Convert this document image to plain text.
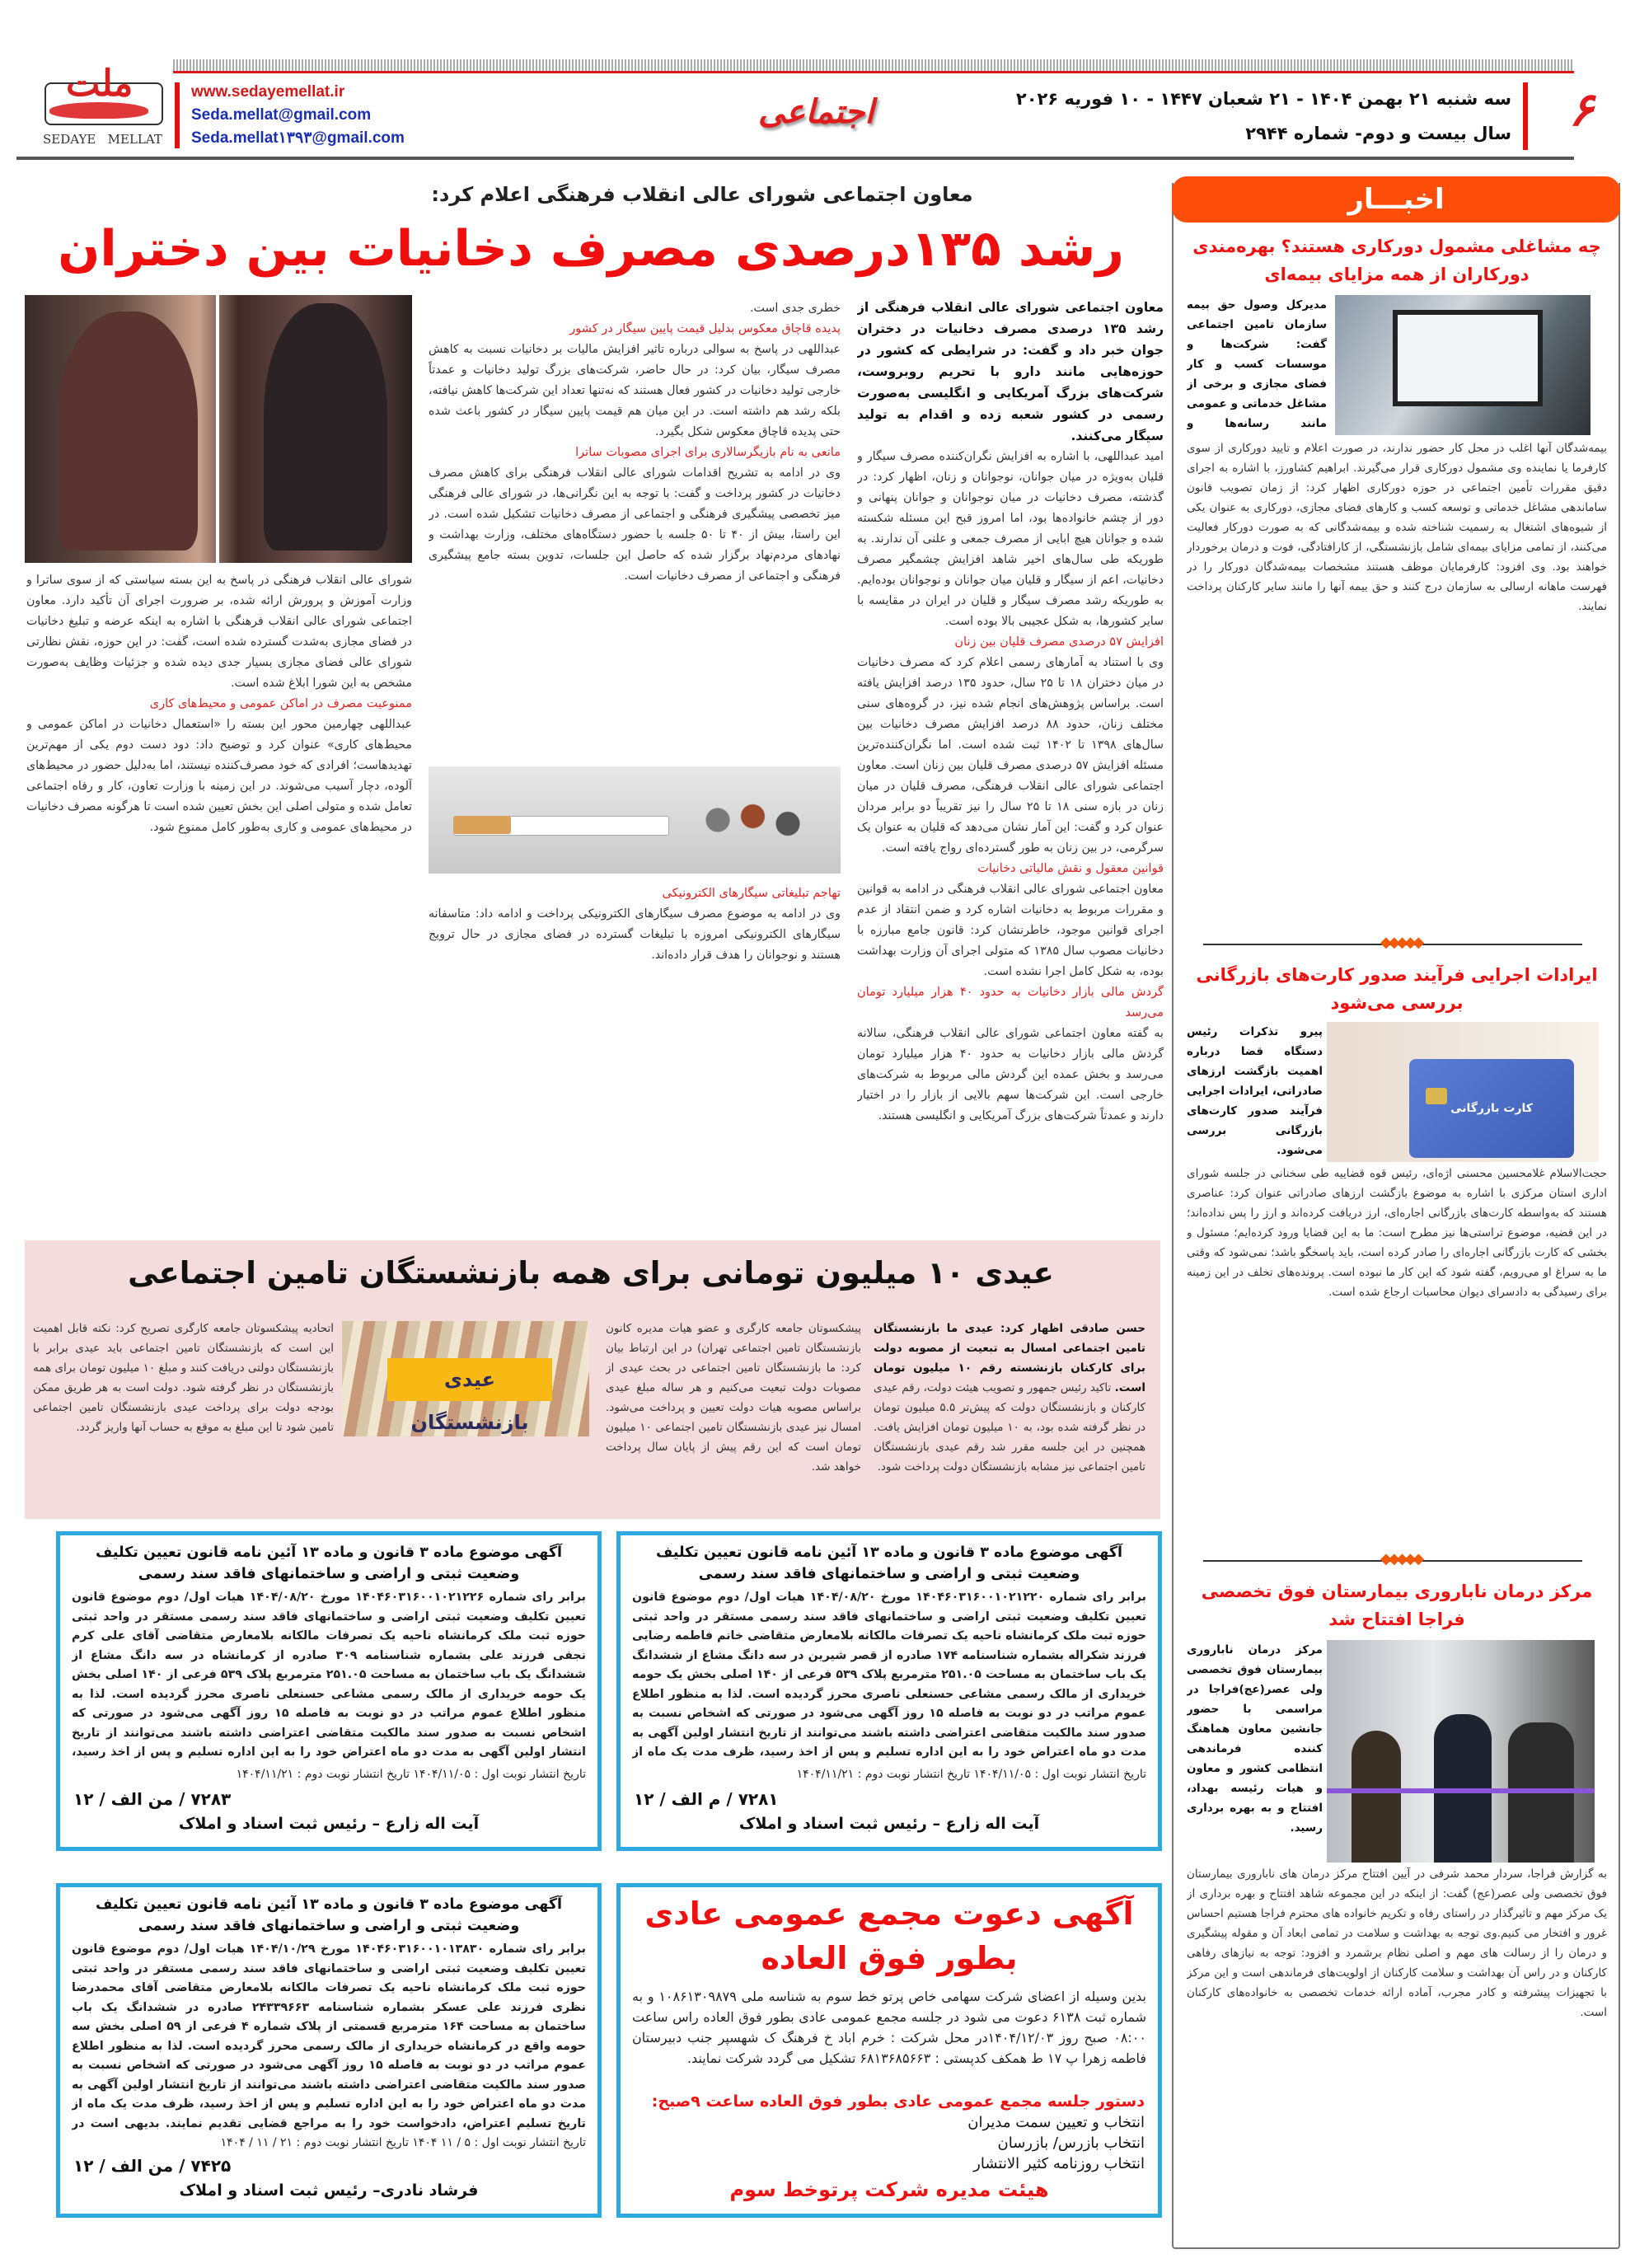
۶
سه شنبه ۲۱ بهمن ۱۴۰۴ - ۲۱ شعبان ۱۴۴۷ - ۱۰ فوریه ۲۰۲۶
سال بیست و دوم- شماره ۲۹۴۴
اجتماعی
www.sedayemellat.ir
Seda.mellat@gmail.com
Seda.mellat۱۳۹۳@gmail.com
ملت
SEDAYE   MELLAT
معاون اجتماعی شورای عالی انقلاب فرهنگی اعلام کرد:
رشد ۱۳۵درصدی مصرف دخانیات بین دختران

معاون اجتماعی شورای عالی انقلاب فرهنگی از رشد ۱۳۵ درصدی مصرف دخانیات در دختران جوان خبر داد و گفت: در شرایطی که کشور در حوزه‌هایی مانند دارو با تحریم روبروست، شرکت‌های بزرگ آمریکایی و انگلیسی به‌صورت رسمی در کشور شعبه زده و اقدام به تولید سیگار می‌کنند.

امید عبداللهی، با اشاره به افزایش نگران‌کننده مصرف سیگار و قلیان به‌ویژه در میان جوانان، نوجوانان و زنان، اظهار کرد: در گذشته، مصرف دخانیات در میان نوجوانان و جوانان پنهانی و دور از چشم خانواده‌ها بود، اما امروز قبح این مسئله شکسته شده و جوانان هیچ ابایی از مصرف جمعی و علنی آن ندارند. به طوریکه طی سال‌های اخیر شاهد افزایش چشمگیر مصرف دخانیات، اعم از سیگار و قلیان میان جوانان و نوجوانان بوده‌ایم. به طوریکه رشد مصرف سیگار و قلیان در ایران در مقایسه با سایر کشورها، به شکل عجیبی بالا بوده است.

افزایش ۵۷ درصدی مصرف قلیان بین زنان

وی با استناد به آمارهای رسمی اعلام کرد که مصرف دخانیات در میان دختران ۱۸ تا ۲۵ سال، حدود ۱۳۵ درصد افزایش یافته است. براساس پژوهش‌های انجام شده نیز، در گروه‌های سنی مختلف زنان، حدود ۸۸ درصد افزایش مصرف دخانیات بین سال‌های ۱۳۹۸ تا ۱۴۰۲ ثبت شده است. اما نگران‌کننده‌ترین مسئله افزایش ۵۷ درصدی مصرف قلیان بین زنان است. معاون اجتماعی شورای عالی انقلاب فرهنگی، مصرف قلیان در میان زنان در بازه سنی ۱۸ تا ۲۵ سال را نیز تقریباً دو برابر مردان عنوان کرد و گفت: این آمار نشان می‌دهد که قلیان به عنوان یک سرگرمی، در بین زنان به طور گسترده‌ای رواج یافته است.

قوانین معقول و نقش مالیاتی دخانیات

معاون اجتماعی شورای عالی انقلاب فرهنگی در ادامه به قوانین و مقررات مربوط به دخانیات اشاره کرد و ضمن انتقاد از عدم اجرای قوانین موجود، خاطرنشان کرد: قانون جامع مبارزه با دخانیات مصوب سال ۱۳۸۵ که متولی اجرای آن وزارت بهداشت بوده، به شکل کامل اجرا نشده است.

گردش مالی بازار دخانیات به حدود ۴۰ هزار میلیارد تومان می‌رسد

به گفته معاون اجتماعی شورای عالی انقلاب فرهنگی، سالانه گردش مالی بازار دخانیات به حدود ۴۰ هزار میلیارد تومان می‌رسد و بخش عمده این گردش مالی مربوط به شرکت‌های خارجی است. این شرکت‌ها سهم بالایی از بازار را در اختیار دارند و عمدتاً شرکت‌های بزرگ آمریکایی و انگلیسی هستند.

خطری جدی است.

پدیده قاچاق معکوس بدلیل قیمت پایین سیگار در کشور

عبداللهی در پاسخ به سوالی درباره تاثیر افزایش مالیات بر دخانیات نسبت به کاهش مصرف سیگار، بیان کرد: در حال حاضر، شرکت‌های بزرگ تولید دخانیات و عمدتاً خارجی تولید دخانیات در کشور فعال هستند که نه‌تنها تعداد این شرکت‌ها کاهش نیافته، بلکه رشد هم داشته است. در این میان هم قیمت پایین سیگار در کشور باعث شده حتی پدیده قاچاق معکوس شکل بگیرد.

مانعی به نام بازیگرسالاری برای اجرای مصوبات ساترا

وی در ادامه به تشریح اقدامات شورای عالی انقلاب فرهنگی برای کاهش مصرف دخانیات در کشور پرداخت و گفت: با توجه به این نگرانی‌ها، در شورای عالی فرهنگی میز تخصصی پیشگیری فرهنگی و اجتماعی از مصرف دخانیات تشکیل شده است. در این راستا، بیش از ۴۰ تا ۵۰ جلسه با حضور دستگاه‌های مختلف، وزارت بهداشت و نهادهای مردم‌نهاد برگزار شده که حاصل این جلسات، تدوین بسته جامع پیشگیری فرهنگی و اجتماعی از مصرف دخانیات است.

تهاجم تبلیغاتی سیگارهای الکترونیکی

وی در ادامه به موضوع مصرف سیگارهای الکترونیکی پرداخت و ادامه داد: متاسفانه سیگارهای الکترونیکی امروزه با تبلیغات گسترده در فضای مجازی در حال ترویج هستند و نوجوانان را هدف قرار داده‌اند.

شورای عالی انقلاب فرهنگی در پاسخ به این بسته سیاستی که از سوی ساترا و وزارت آموزش و پرورش ارائه شده، بر ضرورت اجرای آن تأکید دارد. معاون اجتماعی شورای عالی انقلاب فرهنگی با اشاره به اینکه عرضه و تبلیغ دخانیات در فضای مجازی به‌شدت گسترده شده است، گفت: در این حوزه، نقش نظارتی شورای عالی فضای مجازی بسیار جدی دیده شده و جزئیات وظایف به‌صورت مشخص به این شورا ابلاغ شده است.

ممنوعیت مصرف در اماکن عمومی و محیط‌های کاری

عبداللهی چهارمین محور این بسته را «استعمال دخانیات در اماکن عمومی و محیط‌های کاری» عنوان کرد و توضیح داد: دود دست دوم یکی از مهم‌ترین تهدیدهاست؛ افرادی که خود مصرف‌کننده نیستند، اما به‌دلیل حضور در محیط‌های آلوده، دچار آسیب می‌شوند. در این زمینه با وزارت تعاون، کار و رفاه اجتماعی تعامل شده و متولی اصلی این بخش تعیین شده است تا هرگونه مصرف دخانیات در محیط‌های عمومی و کاری به‌طور کامل ممنوع شود.

اخبـــار
چه مشاغلی مشمول دورکاری هستند؟ بهره‌مندی دورکاران از همه مزایای بیمه‌ای
مدیرکل وصول حق بیمه سازمان تامین اجتماعی گفت: شرکت‌ها و موسسات کسب و کار فضای مجازی و برخی از مشاغل خدماتی و عمومی مانند رسانه‌ها و
بیمه‌شدگان آنها اغلب در محل کار حضور ندارند، در صورت اعلام و تایید دورکاری از سوی کارفرما یا نماینده وی مشمول دورکاری قرار می‌گیرند. ابراهیم کشاورز، با اشاره به اجرای دقیق مقررات تأمین اجتماعی در حوزه دورکاری اظهار کرد: از زمان تصویب قانون ساماندهی مشاغل خدماتی و توسعه کسب و کارهای فضای مجازی، دورکاری به عنوان یکی از شیوه‌های اشتغال به رسمیت شناخته شده و بیمه‌شدگانی که به صورت دورکار فعالیت می‌کنند، از تمامی مزایای بیمه‌ای شامل بازنشستگی، از کارافتادگی، فوت و درمان برخوردار خواهند بود. وی افزود: کارفرمایان موظف هستند مشخصات بیمه‌شدگان دورکار را در فهرست ماهانه ارسالی به سازمان درج کنند و حق بیمه آنها را مانند سایر کارکنان پرداخت نمایند.
◆◆◆◆◆
ایرادات اجرایی فرآیند صدور کارت‌های بازرگانی بررسی می‌شود
کارت بازرگانی
پیرو تذکرات رئیس دستگاه قضا درباره اهمیت بازگشت ارزهای صادراتی، ایرادات اجرایی فرآیند صدور کارت‌های بازرگانی بررسی می‌شود.
حجت‌الاسلام غلامحسین محسنی اژه‌ای، رئیس قوه قضاییه طی سخنانی در جلسه شورای اداری استان مرکزی با اشاره به موضوع بازگشت ارزهای صادراتی عنوان کرد: عناصری هستند که به‌واسطه کارت‌های بازرگانی اجاره‌ای، ارز دریافت کرده‌اند و ارز را پس نداده‌اند؛ در این قضیه، موضوع تراستی‌ها نیز مطرح است: ما به این قضایا ورود کرده‌ایم؛ مسئول و بخشی که کارت بازرگانی اجاره‌ای را صادر کرده است، باید پاسخگو باشد؛ نمی‌شود که وقتی ما به سراغ او می‌رویم، گفته شود که این کار ما نبوده است. پرونده‌های تخلف در این زمینه برای رسیدگی به دادسرای دیوان محاسبات ارجاع شده است.
◆◆◆◆◆
مرکز درمان ناباروری بیمارستان فوق تخصصی فراجا افتتاح شد
مرکز درمان ناباروری بیمارستان فوق تخصصی ولی عصر(عج)فراجا در مراسمی با حضور جانشین معاون هماهنگ کننده فرماندهی انتظامی کشور و معاون و هیات رئیسه بهداد، افتتاح و به بهره برداری رسید.
به گزارش فراجا، سردار محمد شرفی در آیین افتتاح مرکز درمان های ناباروری بیمارستان فوق تخصصی ولی عصر(عج) گفت: از اینکه در این مجموعه شاهد افتتاح و بهره برداری از یک مرکز مهم و تاثیرگذار در راستای رفاه و تکریم خانواده های محترم فراجا هستیم احساس غرور و افتخار می کنیم.وی توجه به بهداشت و سلامت در تمامی ابعاد آن و مقوله پیشگیری و درمان را از رسالت های مهم و اصلی نظام برشمرد و افزود: توجه به نیازهای رفاهی کارکنان و در راس آن بهداشت و سلامت کارکنان از اولویت‌های فرماندهی است و این مرکز با تجهیزات پیشرفته و کادر مجرب، آماده ارائه خدمات تخصصی به خانواده‌های کارکنان است.
عیدی ۱۰ میلیون تومانی برای همه بازنشستگان تامین اجتماعی
حسن صادقی اظهار کرد: عیدی ما بازنشستگان تامین اجتماعی امسال به تبعیت از مصوبه دولت برای کارکنان بازنشسته رقم ۱۰ میلیون تومان است. تاکید رئیس جمهور و تصویب هیئت دولت، رقم عیدی کارکنان و بازنشستگان دولت که پیش‌تر ۵.۵ میلیون تومان در نظر گرفته شده بود، به ۱۰ میلیون تومان افزایش یافت. همچنین در این جلسه مقرر شد رقم عیدی بازنشستگان تامین اجتماعی نیز مشابه بازنشستگان دولت پرداخت شود.
پیشکسوتان جامعه کارگری و عضو هیات مدیره کانون بازنشستگان تامین اجتماعی تهران) در این ارتباط بیان کرد: ما بازنشستگان تامین اجتماعی در بحث عیدی از مصوبات دولت تبعیت می‌کنیم و هر ساله مبلغ عیدی براساس مصوبه هیات دولت تعیین و پرداخت می‌شود. امسال نیز عیدی بازنشستگان تامین اجتماعی ۱۰ میلیون تومان است که این رقم پیش از پایان سال پرداخت خواهد شد.
عیدی بازنشستگان
اتحادیه پیشکسوتان جامعه کارگری تصریح کرد: نکته قابل اهمیت این است که بازنشستگان تامین اجتماعی باید عیدی برابر با بازنشستگان دولتی دریافت کنند و مبلغ ۱۰ میلیون تومان برای همه بازنشستگان در نظر گرفته شود. دولت است به هر طریق ممکن بودجه دولت برای پرداخت عیدی بازنشستگان تامین اجتماعی تامین شود تا این مبلغ به موقع به حساب آنها واریز گردد.
آگهی موضوع ماده ۳ قانون و ماده ۱۳ آئین نامه قانون تعیین تکلیف وضعیت ثبتی و اراضی و ساختمانهای فاقد سند رسمی
برابر رای شماره ۱۴۰۴۶۰۳۱۶۰۰۱۰۲۱۲۲۰ مورخ ۱۴۰۴/۰۸/۲۰ هیات اول/ دوم موضوع قانون تعیین تکلیف وضعیت ثبتی اراضی و ساختمانهای فاقد سند رسمی مستقر در واحد ثبتی حوزه ثبت ملک کرمانشاه ناحیه یک تصرفات مالکانه بلامعارض متقاضی خانم فاطمه رضایی فرزند شکراله بشماره شناسنامه ۱۷۴ صادره از قصر شیرین در سه دانگ مشاع از ششدانگ یک باب ساختمان به مساحت ۲۵۱.۰۵ مترمربع پلاک ۵۳۹ فرعی از ۱۴۰ اصلی بخش یک حومه خریداری از مالک رسمی مشاعی حسنعلی ناصری محرز گردیده است. لذا به منظور اطلاع عموم مراتب در دو نوبت به فاصله ۱۵ روز آگهی می‌شود در صورتی که اشخاص نسبت به صدور سند مالکیت متقاضی اعتراضی داشته باشند می‌توانند از تاریخ انتشار اولین آگهی به مدت دو ماه اعتراض خود را به این اداره تسلیم و پس از اخذ رسید، ظرف مدت یک ماه از
تاریخ انتشار نوبت اول : ۱۴۰۴/۱۱/۰۵ تاریخ انتشار نوبت دوم : ۱۴۰۴/۱۱/۲۱
۷۲۸۱ / م الف / ۱۲
آیت اله زارع – رئیس ثبت اسناد و املاک
آگهی موضوع ماده ۳ قانون و ماده ۱۳ آئین نامه قانون تعیین تکلیف وضعیت ثبتی و اراضی و ساختمانهای فاقد سند رسمی
برابر رای شماره ۱۴۰۴۶۰۳۱۶۰۰۱۰۲۱۲۲۶ مورخ ۱۴۰۴/۰۸/۲۰ هیات اول/ دوم موضوع قانون تعیین تکلیف وضعیت ثبتی اراضی و ساختمانهای فاقد سند رسمی مستقر در واحد ثبتی حوزه ثبت ملک کرمانشاه ناحیه یک تصرفات مالکانه بلامعارض متقاضی آقای علی کرم نجفی فرزند علی بشماره شناسنامه ۳۰۹ صادره از کرمانشاه در سه دانگ مشاع از ششدانگ یک باب ساختمان به مساحت ۲۵۱.۰۵ مترمربع پلاک ۵۳۹ فرعی از ۱۴۰ اصلی بخش یک حومه خریداری از مالک رسمی مشاعی حسنعلی ناصری محرز گردیده است. لذا به منظور اطلاع عموم مراتب در دو نوبت به فاصله ۱۵ روز آگهی می‌شود در صورتی که اشخاص نسبت به صدور سند مالکیت متقاضی اعتراضی داشته باشند می‌توانند از تاریخ انتشار اولین آگهی به مدت دو ماه اعتراض خود را به این اداره تسلیم و پس از اخذ رسید،
تاریخ انتشار نوبت اول : ۱۴۰۴/۱۱/۰۵ تاریخ انتشار نوبت دوم : ۱۴۰۴/۱۱/۲۱
۷۲۸۳ / من الف / ۱۲
آیت اله زارع – رئیس ثبت اسناد و املاک
آگهی موضوع ماده ۳ قانون و ماده ۱۳ آئین نامه قانون تعیین تکلیف وضعیت ثبتی و اراضی و ساختمانهای فاقد سند رسمی
برابر رای شماره ۱۴۰۴۶۰۳۱۶۰۰۱۰۱۳۸۳۰ مورخ ۱۴۰۴/۱۰/۲۹ هیات اول/ دوم موضوع قانون تعیین تکلیف وضعیت ثبتی اراضی و ساختمانهای فاقد سند رسمی مستقر در واحد ثبتی حوزه ثبت ملک کرمانشاه ناحیه یک تصرفات مالکانه بلامعارض متقاضی آقای محمدرضا نظری فرزند علی عسکر بشماره شناسنامه ۲۴۳۳۹۶۶۳ صادره در ششدانگ یک باب ساختمان به مساحت ۱۶۴ مترمربع قسمتی از پلاک شماره ۴ فرعی از ۵۹ اصلی بخش سه حومه واقع در کرمانشاه خریداری از مالک رسمی محرز گردیده است. لذا به منظور اطلاع عموم مراتب در دو نوبت به فاصله ۱۵ روز آگهی می‌شود در صورتی که اشخاص نسبت به صدور سند مالکیت متقاضی اعتراضی داشته باشند می‌توانند از تاریخ انتشار اولین آگهی به مدت دو ماه اعتراض خود را به این اداره تسلیم و پس از اخذ رسید، ظرف مدت یک ماه از تاریخ تسلیم اعتراض، دادخواست خود را به مراجع قضایی تقدیم نمایند. بدیهی است در
تاریخ انتشار نوبت اول : ۵ / ۱۱ ۱۴۰۴ تاریخ انتشار نوبت دوم : ۲۱ / ۱۱ / ۱۴۰۴
۷۴۲۵ / من الف / ۱۲
فرشاد نادری– رئیس ثبت اسناد و املاک
آگهی دعوت مجمع عمومی عادی
بطور فوق العاده
بدین وسیله از اعضای شرکت سهامی خاص پرتو خط سوم به شناسه ملی ۱۰۸۶۱۳۰۹۸۷۹ و به شماره ثبت ۶۱۳۸ دعوت می شود در جلسه مجمع عمومی عادی بطور فوق العاده راس ساعت ۰۸:۰۰ صبح روز ۱۴۰۴/۱۲/۰۳در محل شرکت : خرم اباد خ فرهنگ ک شهسپر جنب دبیرستان فاطمه زهرا پ ۱۷ ط همکف کدپستی : ۶۸۱۳۶۸۵۶۶۳ تشکیل می گردد شرکت نمایند.
دستور جلسه مجمع عمومی عادی بطور فوق العاده ساعت ۹صبح:
انتخاب و تعیین سمت مدیران
انتخاب بازرس/ بازرسان
انتخاب روزنامه کثیر الانتشار
هیئت مدیره شرکت پرتوخط سوم
